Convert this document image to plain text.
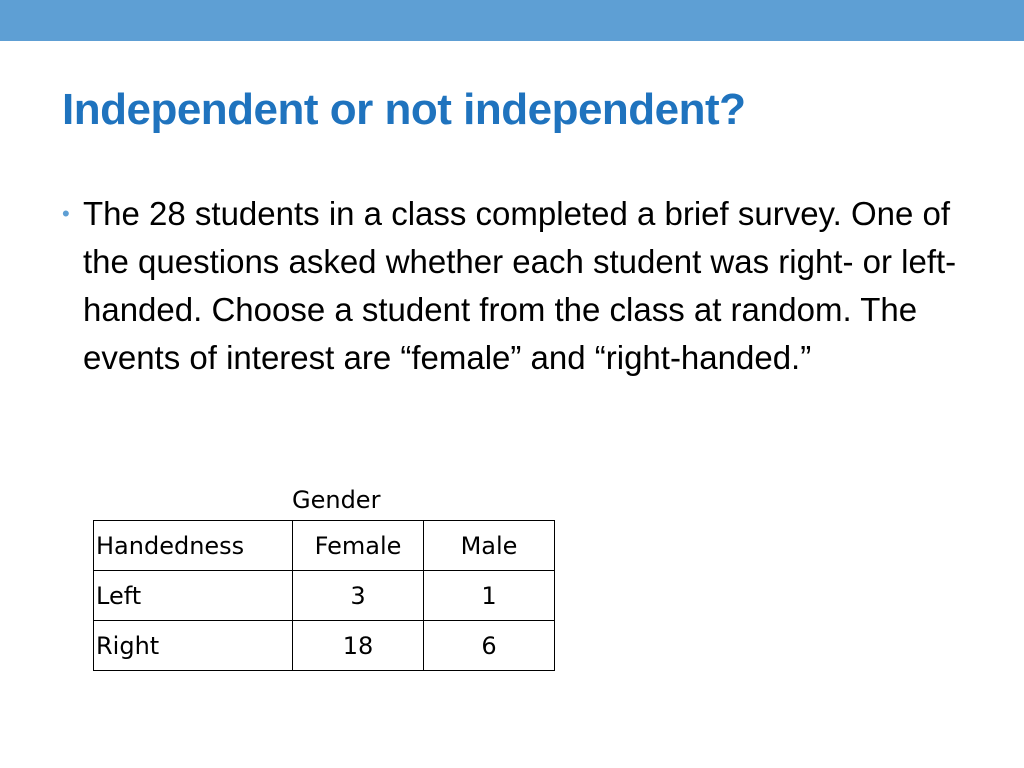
Independent or not independent?
• The 28 students in a class completed a brief survey. One of the questions asked whether each student was right- or left-handed. Choose a student from the class at random. The events of interest are “female” and “right-handed.”
Gender
Handedness	Female	Male
Left	3	1
Right	18	6
